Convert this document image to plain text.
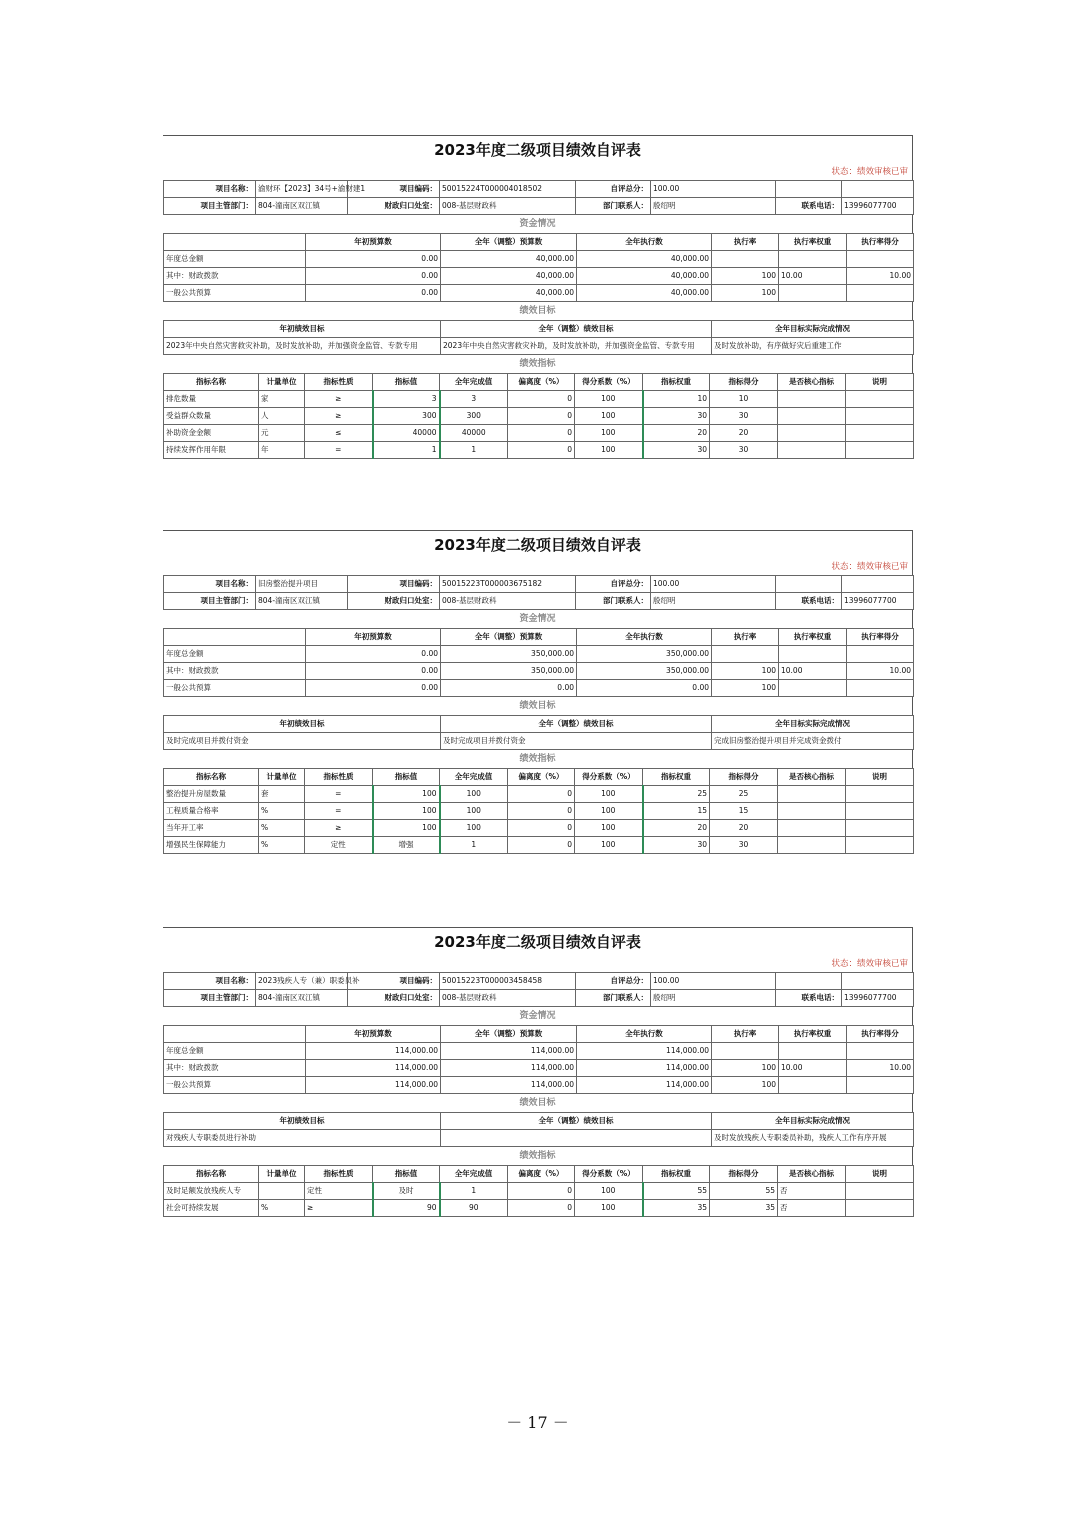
2023年度二级项目绩效自评表
状态：绩效审核已审
项目名称：	渝财环【2023】34号+渝财建1	项目编码：	50015224T000004018502	自评总分：	100.00		
项目主管部门：	804-潼南区双江镇	财政归口处室：	008-基层财政科	部门联系人：	殷绍明	联系电话：	13996077700
资金情况
	年初预算数	全年（调整）预算数	全年执行数	执行率	执行率权重	执行率得分
年度总金额	0.00	40,000.00	40,000.00			
其中：财政拨款	0.00	40,000.00	40,000.00	100	10.00	10.00
一般公共预算	0.00	40,000.00	40,000.00	100		
绩效目标
年初绩效目标	全年（调整）绩效目标	全年目标实际完成情况
2023年中央自然灾害救灾补助，及时发放补助，并加强资金监管、专款专用	2023年中央自然灾害救灾补助，及时发放补助，并加强资金监管、专款专用	及时发放补助，有序做好灾后重建工作
绩效指标
指标名称	计量单位	指标性质	指标值	全年完成值	偏离度（%）	得分系数（%）	指标权重	指标得分	是否核心指标	说明
排危数量	家	≥	3	3	0	100	10	10		
受益群众数量	人	≥	300	300	0	100	30	30		
补助资金金额	元	≤	40000	40000	0	100	20	20		
持续发挥作用年限	年	=	1	1	0	100	30	30		
2023年度二级项目绩效自评表
状态：绩效审核已审
项目名称：	旧房整治提升项目	项目编码：	50015223T000003675182	自评总分：	100.00		
项目主管部门：	804-潼南区双江镇	财政归口处室：	008-基层财政科	部门联系人：	殷绍明	联系电话：	13996077700
资金情况
	年初预算数	全年（调整）预算数	全年执行数	执行率	执行率权重	执行率得分
年度总金额	0.00	350,000.00	350,000.00			
其中：财政拨款	0.00	350,000.00	350,000.00	100	10.00	10.00
一般公共预算	0.00	0.00	0.00	100		
绩效目标
年初绩效目标	全年（调整）绩效目标	全年目标实际完成情况
及时完成项目并拨付资金	及时完成项目并拨付资金	完成旧房整治提升项目并完成资金拨付
绩效指标
指标名称	计量单位	指标性质	指标值	全年完成值	偏离度（%）	得分系数（%）	指标权重	指标得分	是否核心指标	说明
整治提升房屋数量	套	=	100	100	0	100	25	25		
工程质量合格率	%	=	100	100	0	100	15	15		
当年开工率	%	≥	100	100	0	100	20	20		
增强民生保障能力	%	定性	增强	1	0	100	30	30		
2023年度二级项目绩效自评表
状态：绩效审核已审
项目名称：	2023残疾人专（兼）职委员补	项目编码：	50015223T000003458458	自评总分：	100.00		
项目主管部门：	804-潼南区双江镇	财政归口处室：	008-基层财政科	部门联系人：	殷绍明	联系电话：	13996077700
资金情况
	年初预算数	全年（调整）预算数	全年执行数	执行率	执行率权重	执行率得分
年度总金额	114,000.00	114,000.00	114,000.00			
其中：财政拨款	114,000.00	114,000.00	114,000.00	100	10.00	10.00
一般公共预算	114,000.00	114,000.00	114,000.00	100		
绩效目标
年初绩效目标	全年（调整）绩效目标	全年目标实际完成情况
对残疾人专职委员进行补助		及时发放残疾人专职委员补助，残疾人工作有序开展
绩效指标
指标名称	计量单位	指标性质	指标值	全年完成值	偏离度（%）	得分系数（%）	指标权重	指标得分	是否核心指标	说明
及时足额发放残疾人专		定性	及时	1	0	100	55	55	否	
社会可持续发展	%	≥	90	90	0	100	35	35	否	
－ 17 －
